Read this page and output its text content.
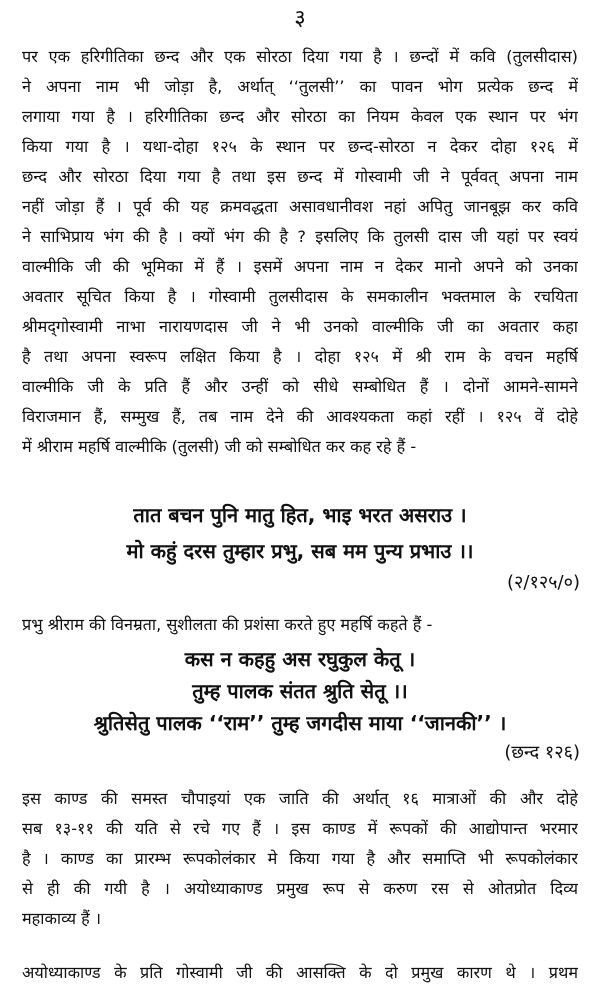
३
पर एक हरिगीतिका छन्द और एक सोरठा दिया गया है । छन्दों में कवि (तुलसीदास)
ने अपना नाम भी जोड़ा है, अर्थात् ‘‘तुलसी’’ का पावन भोग प्रत्येक छन्द में
लगाया गया है । हरिगीतिका छन्द और सोरठा का नियम केवल एक स्थान पर भंग
किया गया है । यथा-दोहा १२५ के स्थान पर छन्द-सोरठा न देकर दोहा १२६ में
छन्द और सोरठा दिया गया है तथा इस छन्द में गोस्वामी जी ने पूर्ववत् अपना नाम
नहीं जोड़ा हैं । पूर्व की यह क्रमवद्धता असावधानीवश नहां अपितु जानबूझ कर कवि
ने साभिप्राय भंग की है । क्यों भंग की है ? इसलिए कि तुलसी दास जी यहां पर स्वयं
वाल्मीकि जी की भूमिका में हैं । इसमें अपना नाम न देकर मानो अपने को उनका
अवतार सूचित किया है । गोस्वामी तुलसीदास के समकालीन भक्तमाल के रचयिता
श्रीमद्‌गोस्वामी नाभा नारायणदास जी ने भी उनको वाल्मीकि जी का अवतार कहा
है तथा अपना स्वरूप लक्षित किया है । दोहा १२५ में श्री राम के वचन महर्षि
वाल्मीकि जी के प्रति हैं और उन्हीं को सीधे सम्बोधित हैं । दोनों आमने-सामने
विराजमान हैं, सम्मुख हैं, तब नाम देने की आवश्यकता कहां रहीं । १२५ वें दोहे
में श्रीराम महर्षि वाल्मीकि (तुलसी) जी को सम्बोधित कर कह रहे हैं -
तात बचन पुनि मातु हित, भाइ भरत असराउ ।
मो कहुं दरस तुम्हार प्रभु, सब मम पुन्य प्रभाउ ।।
(२/१२५/०)
प्रभु श्रीराम की विनम्रता, सुशीलता की प्रशंसा करते हुए महर्षि कहते हैं -
कस न कहहु अस रघुकुल केतू ।
तुम्ह पालक संतत श्रुति सेतू ।।
श्रुतिसेतु पालक ‘‘राम’’ तुम्ह जगदीस माया ‘‘जानकी’’ ।
(छन्द १२६)
इस काण्ड की समस्त चौपाइयां एक जाति की अर्थात् १६ मात्राओं की और दोहे
सब १३-११ की यति से रचे गए हैं । इस काण्ड में रूपकों की आद्योपान्त भरमार
है । काण्ड का प्रारम्भ रूपकोलंकार मे किया गया है और समाप्ति भी रूपकोलंकार
से ही की गयी है । अयोध्याकाण्ड प्रमुख रूप से करुण रस से ओतप्रोत दिव्य
महाकाव्य हैं ।
अयोध्याकाण्ड के प्रति गोस्वामी जी की आसक्ति के दो प्रमुख कारण थे । प्रथम
